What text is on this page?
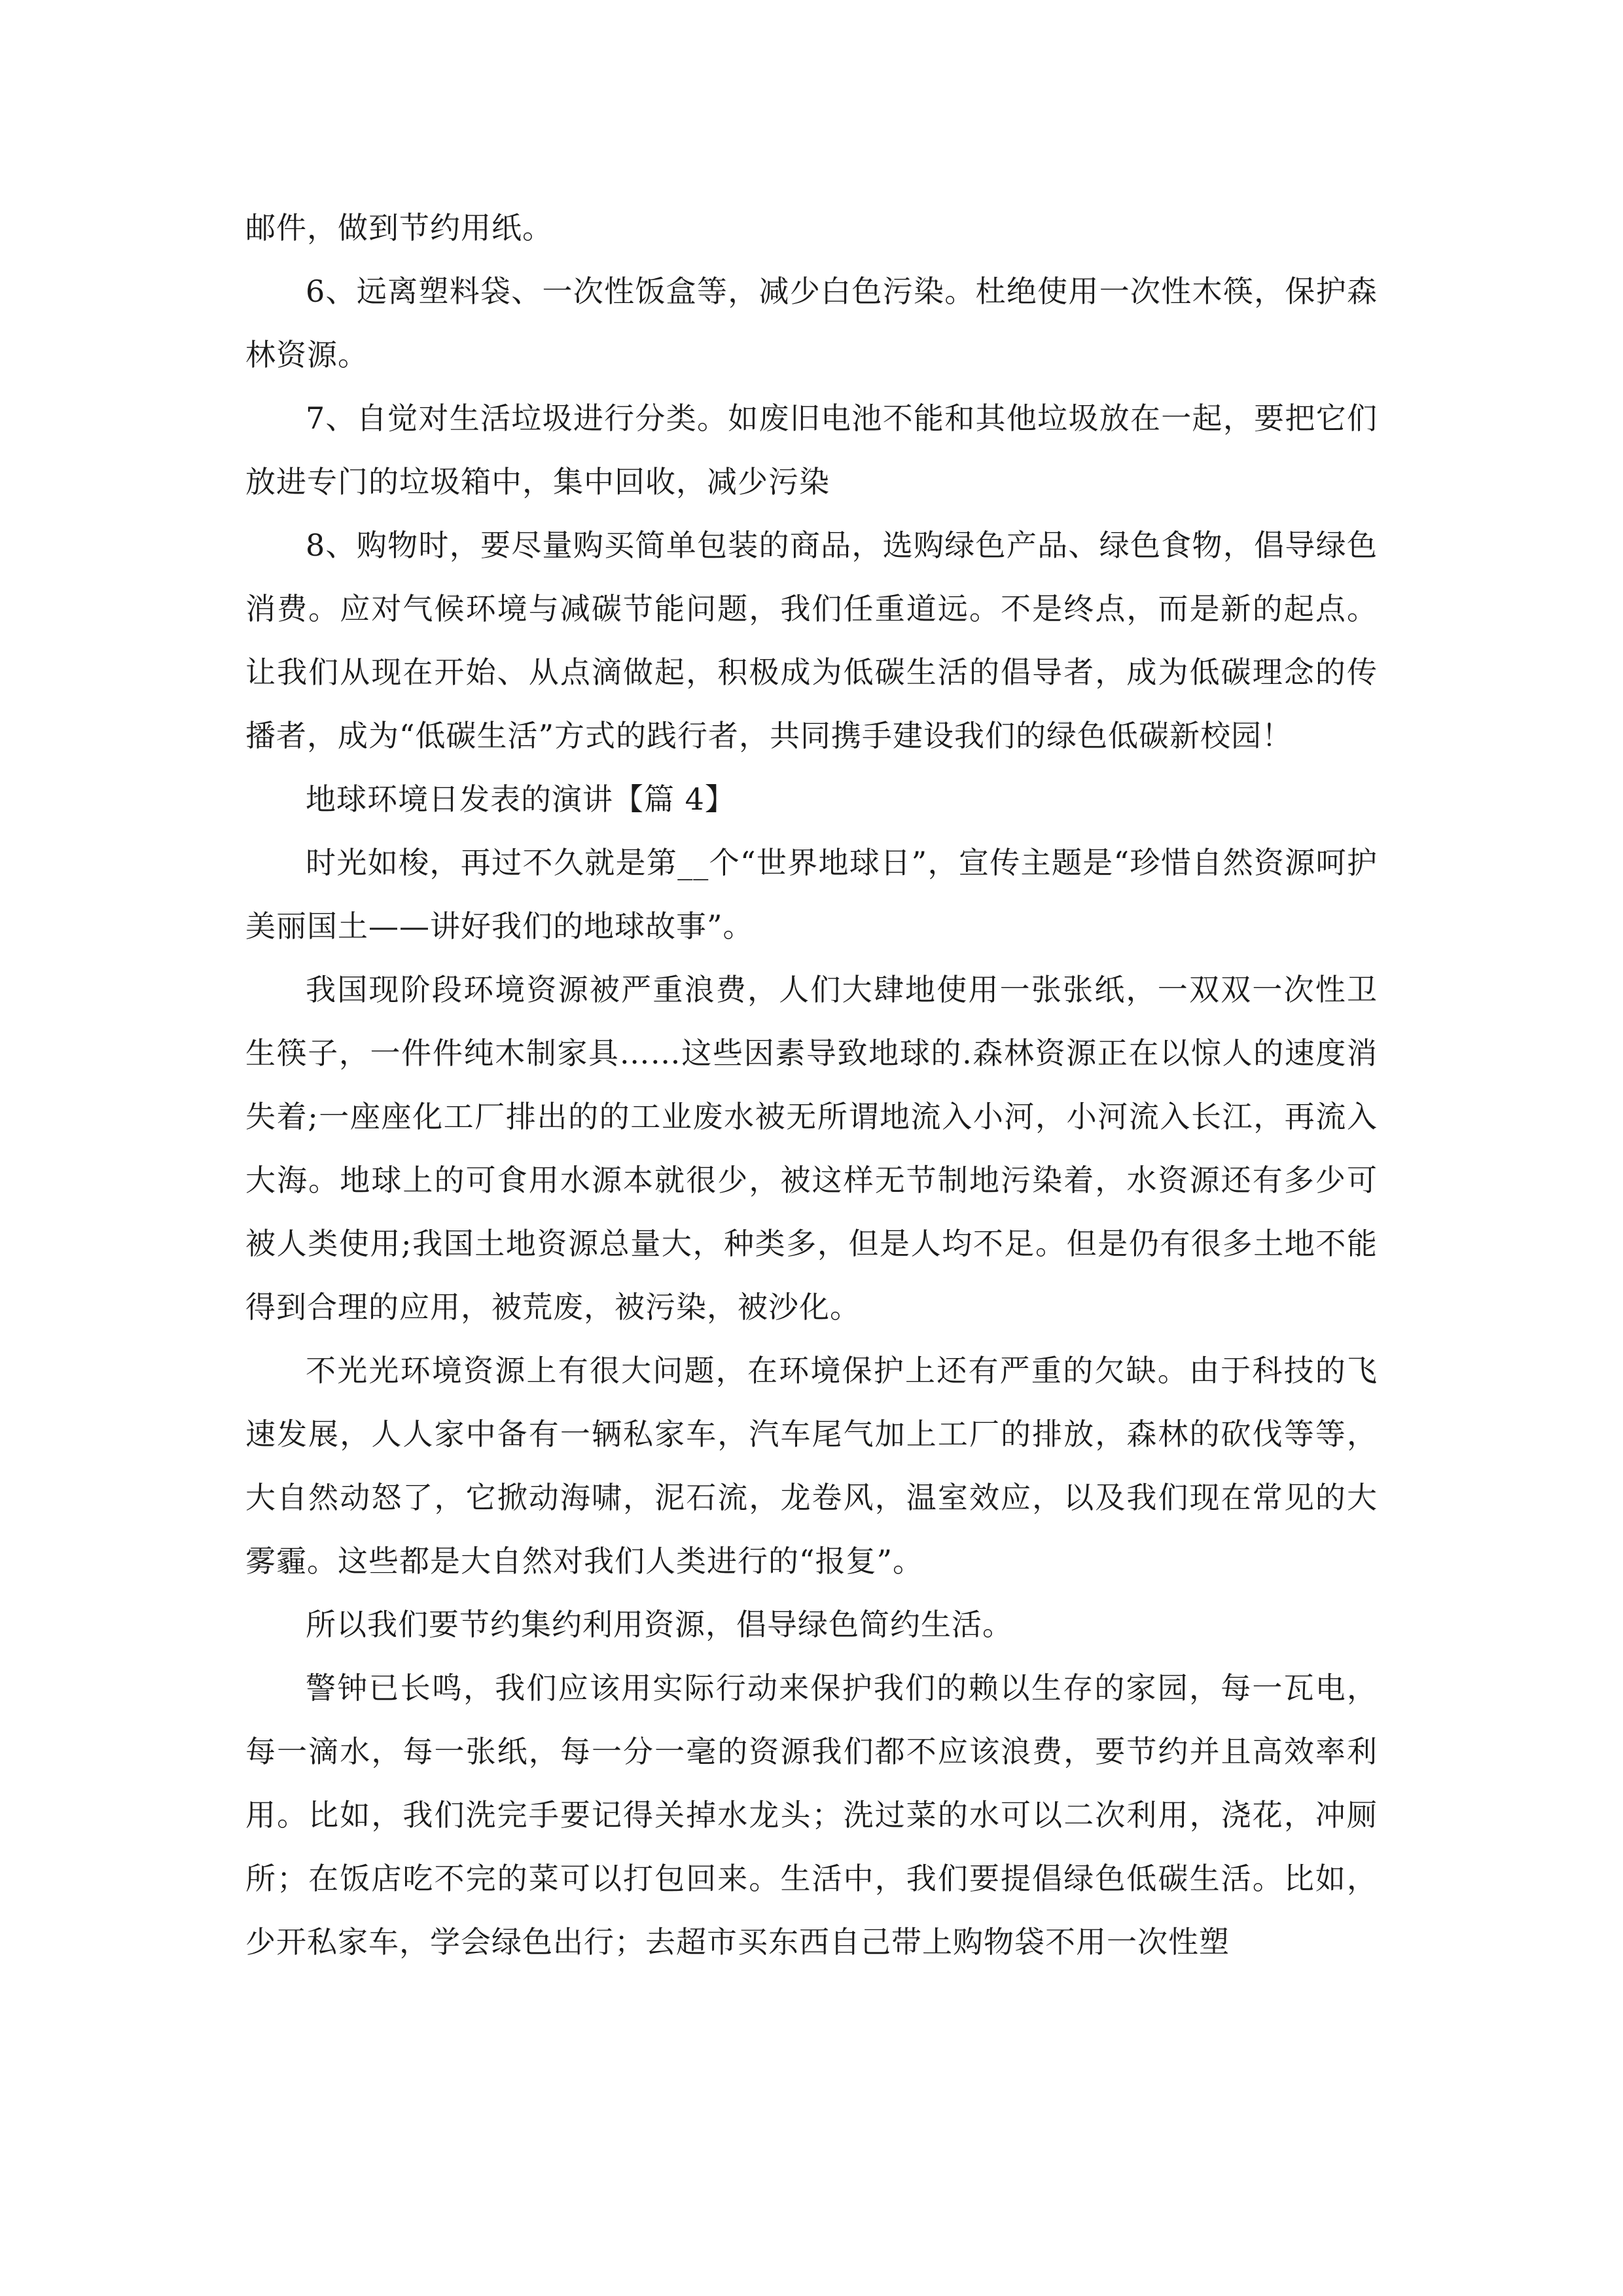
邮件，做到节约用纸。

6、远离塑料袋、一次性饭盒等，减少白色污染。杜绝使用一次性木筷，保护森林资源。

7、自觉对生活垃圾进行分类。如废旧电池不能和其他垃圾放在一起，要把它们放进专门的垃圾箱中，集中回收，减少污染

8、购物时，要尽量购买简单包装的商品，选购绿色产品、绿色食物，倡导绿色消费。应对气候环境与减碳节能问题，我们任重道远。不是终点，而是新的起点。让我们从现在开始、从点滴做起，积极成为低碳生活的倡导者，成为低碳理念的传播者，成为“低碳生活”方式的践行者，共同携手建设我们的绿色低碳新校园！

地球环境日发表的演讲【篇 4】

时光如梭，再过不久就是第__个“世界地球日”，宣传主题是“珍惜自然资源呵护美丽国土——讲好我们的地球故事”。

我国现阶段环境资源被严重浪费，人们大肆地使用一张张纸，一双双一次性卫生筷子，一件件纯木制家具……这些因素导致地球的.森林资源正在以惊人的速度消失着;一座座化工厂排出的的工业废水被无所谓地流入小河，小河流入长江，再流入大海。地球上的可食用水源本就很少，被这样无节制地污染着，水资源还有多少可被人类使用;我国土地资源总量大，种类多，但是人均不足。但是仍有很多土地不能得到合理的应用，被荒废，被污染，被沙化。

不光光环境资源上有很大问题，在环境保护上还有严重的欠缺。由于科技的飞速发展，人人家中备有一辆私家车，汽车尾气加上工厂的排放，森林的砍伐等等，大自然动怒了，它掀动海啸，泥石流，龙卷风，温室效应，以及我们现在常见的大雾霾。这些都是大自然对我们人类进行的“报复”。

所以我们要节约集约利用资源，倡导绿色简约生活。

警钟已长鸣，我们应该用实际行动来保护我们的赖以生存的家园，每一瓦电，每一滴水，每一张纸，每一分一毫的资源我们都不应该浪费，要节约并且高效率利用。比如，我们洗完手要记得关掉水龙头；洗过菜的水可以二次利用，浇花，冲厕所；在饭店吃不完的菜可以打包回来。生活中，我们要提倡绿色低碳生活。比如，少开私家车，学会绿色出行；去超市买东西自己带上购物袋不用一次性塑
